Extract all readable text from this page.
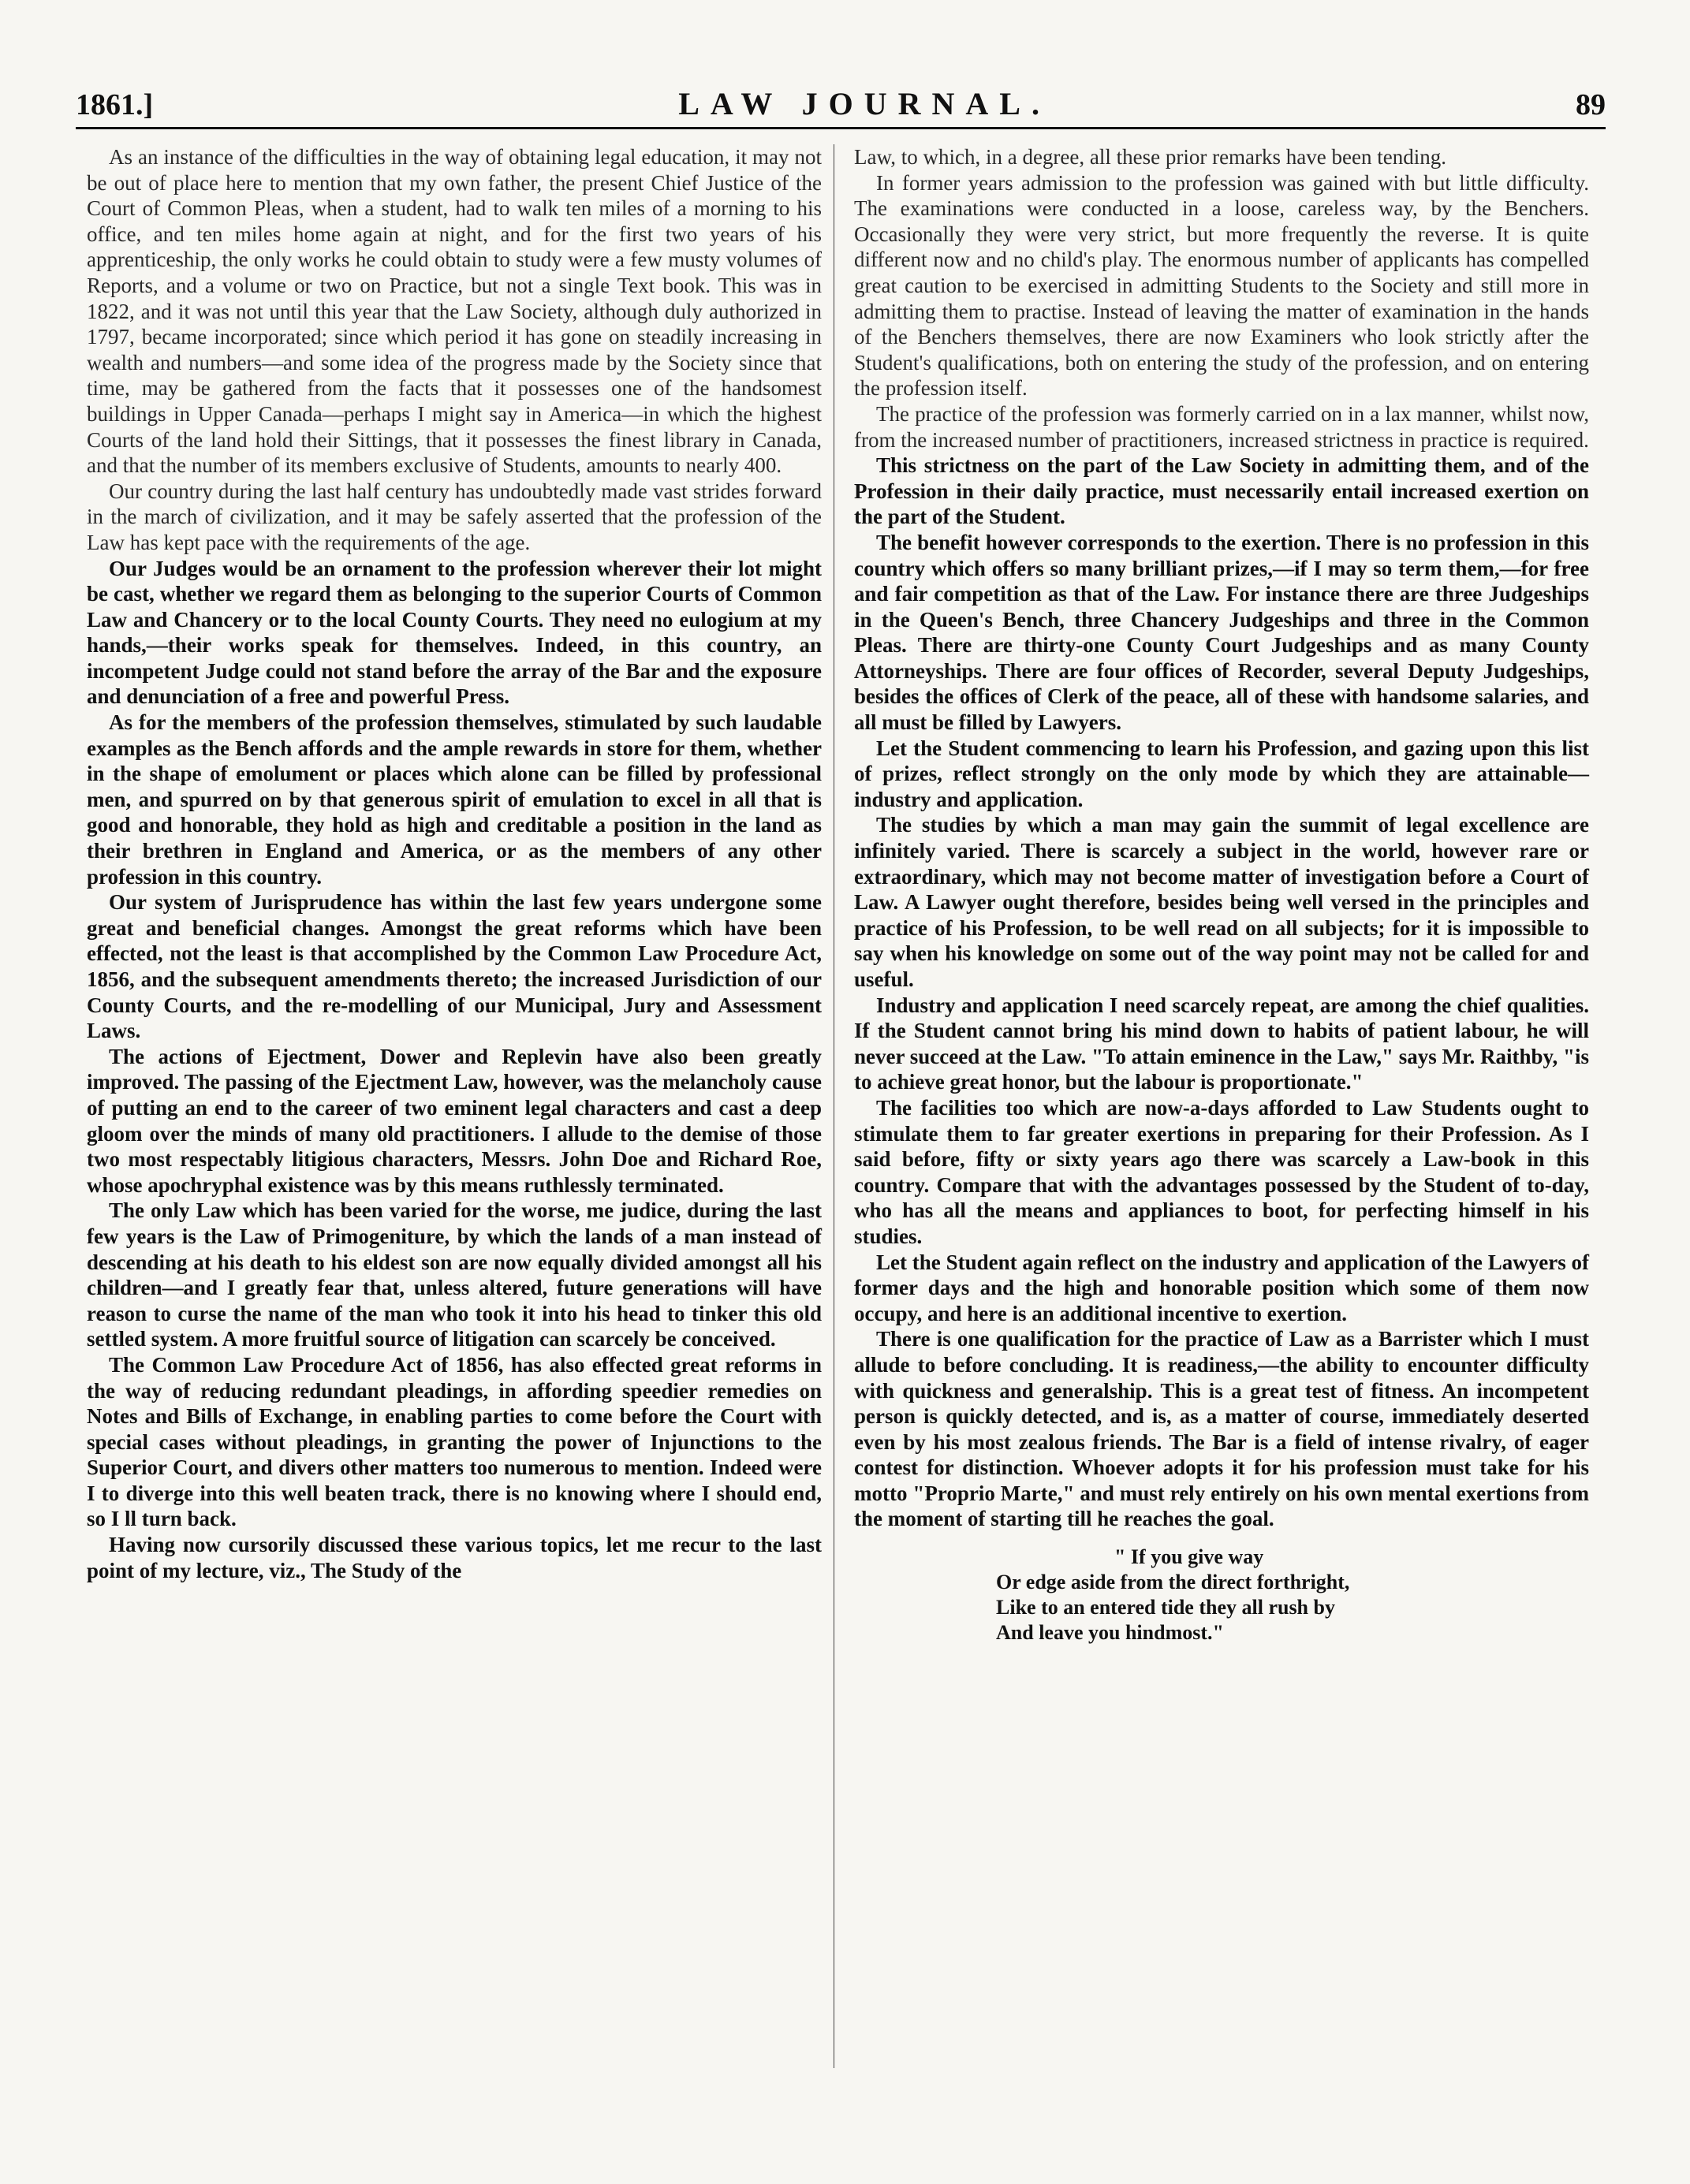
1861.]	LAW JOURNAL.	89

As an instance of the difficulties in the way of obtaining legal education, it may not be out of place here to mention that my own father, the present Chief Justice of the Court of Common Pleas, when a student, had to walk ten miles of a morning to his office, and ten miles home again at night, and for the first two years of his apprenticeship, the only works he could obtain to study were a few musty volumes of Reports, and a volume or two on Practice, but not a single Text book. This was in 1822, and it was not until this year that the Law Society, although duly authorized in 1797, became incorporated; since which period it has gone on steadily increasing in wealth and numbers—and some idea of the progress made by the Society since that time, may be gathered from the facts that it possesses one of the handsomest buildings in Upper Canada—perhaps I might say in America—in which the highest Courts of the land hold their Sittings, that it possesses the finest library in Canada, and that the number of its members exclusive of Students, amounts to nearly 400.

Our country during the last half century has undoubtedly made vast strides forward in the march of civilization, and it may be safely asserted that the profession of the Law has kept pace with the requirements of the age.

Our Judges would be an ornament to the profession wherever their lot might be cast, whether we regard them as belonging to the superior Courts of Common Law and Chancery or to the local County Courts. They need no eulogium at my hands,—their works speak for themselves. Indeed, in this country, an incompetent Judge could not stand before the array of the Bar and the exposure and denunciation of a free and powerful Press.

As for the members of the profession themselves, stimulated by such laudable examples as the Bench affords and the ample rewards in store for them, whether in the shape of emolument or places which alone can be filled by professional men, and spurred on by that generous spirit of emulation to excel in all that is good and honorable, they hold as high and creditable a position in the land as their brethren in England and America, or as the members of any other profession in this country.

Our system of Jurisprudence has within the last few years undergone some great and beneficial changes. Amongst the great reforms which have been effected, not the least is that accomplished by the Common Law Procedure Act, 1856, and the subsequent amendments thereto; the increased Jurisdiction of our County Courts, and the re-modelling of our Municipal, Jury and Assessment Laws.

The actions of Ejectment, Dower and Replevin have also been greatly improved. The passing of the Ejectment Law, however, was the melancholy cause of putting an end to the career of two eminent legal characters and cast a deep gloom over the minds of many old practitioners. I allude to the demise of those two most respectably litigious characters, Messrs. John Doe and Richard Roe, whose apochryphal existence was by this means ruthlessly terminated.

The only Law which has been varied for the worse, me judice, during the last few years is the Law of Primogeniture, by which the lands of a man instead of descending at his death to his eldest son are now equally divided amongst all his children—and I greatly fear that, unless altered, future generations will have reason to curse the name of the man who took it into his head to tinker this old settled system. A more fruitful source of litigation can scarcely be conceived.

The Common Law Procedure Act of 1856, has also effected great reforms in the way of reducing redundant pleadings, in affording speedier remedies on Notes and Bills of Exchange, in enabling parties to come before the Court with special cases without pleadings, in granting the power of Injunctions to the Superior Court, and divers other matters too numerous to mention. Indeed were I to diverge into this well beaten track, there is no knowing where I should end, so I ll turn back.

Having now cursorily discussed these various topics, let me recur to the last point of my lecture, viz., The Study of the

Law, to which, in a degree, all these prior remarks have been tending.

In former years admission to the profession was gained with but little difficulty. The examinations were conducted in a loose, careless way, by the Benchers. Occasionally they were very strict, but more frequently the reverse. It is quite different now and no child's play. The enormous number of applicants has compelled great caution to be exercised in admitting Students to the Society and still more in admitting them to practise. Instead of leaving the matter of examination in the hands of the Benchers themselves, there are now Examiners who look strictly after the Student's qualifications, both on entering the study of the profession, and on entering the profession itself.

The practice of the profession was formerly carried on in a lax manner, whilst now, from the increased number of practitioners, increased strictness in practice is required.

This strictness on the part of the Law Society in admitting them, and of the Profession in their daily practice, must necessarily entail increased exertion on the part of the Student.

The benefit however corresponds to the exertion. There is no profession in this country which offers so many brilliant prizes,—if I may so term them,—for free and fair competition as that of the Law. For instance there are three Judgeships in the Queen's Bench, three Chancery Judgeships and three in the Common Pleas. There are thirty-one County Court Judgeships and as many County Attorneyships. There are four offices of Recorder, several Deputy Judgeships, besides the offices of Clerk of the peace, all of these with handsome salaries, and all must be filled by Lawyers.

Let the Student commencing to learn his Profession, and gazing upon this list of prizes, reflect strongly on the only mode by which they are attainable—industry and application.

The studies by which a man may gain the summit of legal excellence are infinitely varied. There is scarcely a subject in the world, however rare or extraordinary, which may not become matter of investigation before a Court of Law. A Lawyer ought therefore, besides being well versed in the principles and practice of his Profession, to be well read on all subjects; for it is impossible to say when his knowledge on some out of the way point may not be called for and useful.

Industry and application I need scarcely repeat, are among the chief qualities. If the Student cannot bring his mind down to habits of patient labour, he will never succeed at the Law. "To attain eminence in the Law," says Mr. Raithby, "is to achieve great honor, but the labour is proportionate."

The facilities too which are now-a-days afforded to Law Students ought to stimulate them to far greater exertions in preparing for their Profession. As I said before, fifty or sixty years ago there was scarcely a Law-book in this country. Compare that with the advantages possessed by the Student of to-day, who has all the means and appliances to boot, for perfecting himself in his studies.

Let the Student again reflect on the industry and application of the Lawyers of former days and the high and honorable position which some of them now occupy, and here is an additional incentive to exertion.

There is one qualification for the practice of Law as a Barrister which I must allude to before concluding. It is readiness,—the ability to encounter difficulty with quickness and generalship. This is a great test of fitness. An incompetent person is quickly detected, and is, as a matter of course, immediately deserted even by his most zealous friends. The Bar is a field of intense rivalry, of eager contest for distinction. Whoever adopts it for his profession must take for his motto "Proprio Marte," and must rely entirely on his own mental exertions from the moment of starting till he reaches the goal.

" If you give way
Or edge aside from the direct forthright,
Like to an entered tide they all rush by
And leave you hindmost."
